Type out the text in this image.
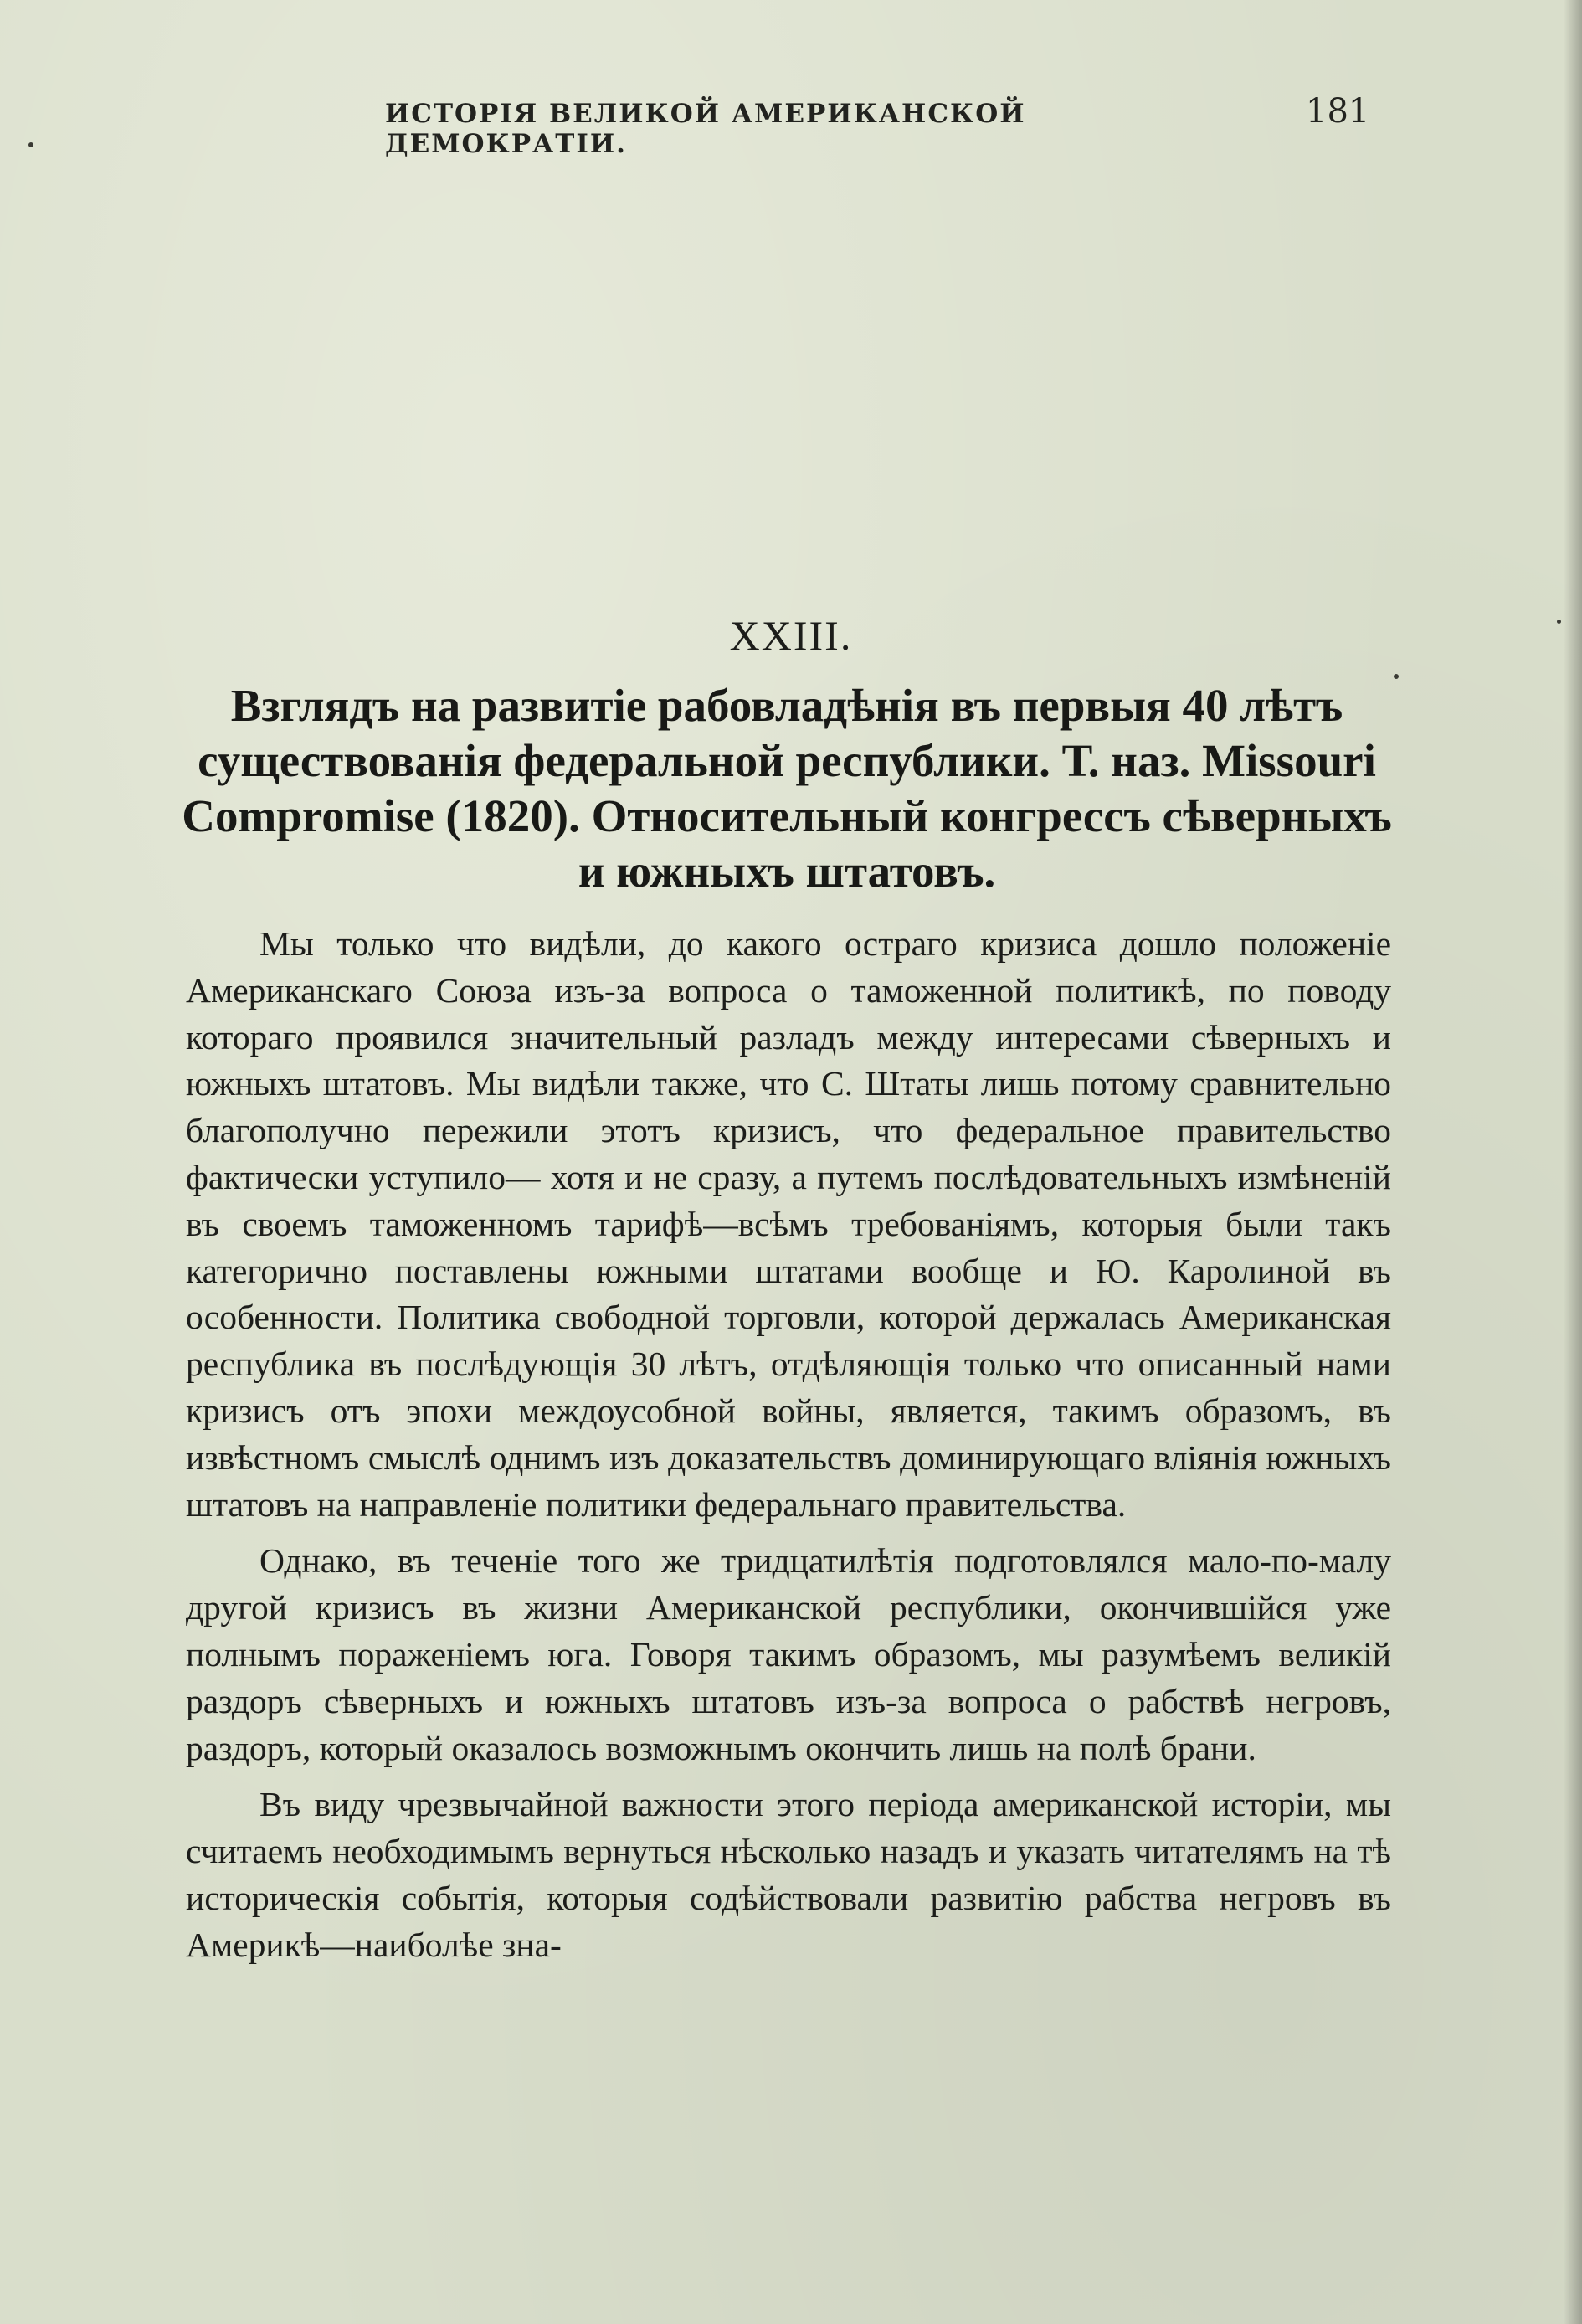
ИСТОРІЯ ВЕЛИКОЙ АМЕРИКАНСКОЙ ДЕМОКРАТІИ.
181
XXIII.
Взглядъ на развитіе рабовладѣнія въ первыя 40 лѣтъ существованія федеральной республики. Т. наз. Missouri Compromise (1820). Относительный конгрессъ сѣверныхъ и южныхъ штатовъ.

Мы только что видѣли, до какого остраго кризиса дошло положеніе Американскаго Союза изъ-за вопроса о таможенной политикѣ, по поводу котораго проявился значительный разладъ между интересами сѣверныхъ и южныхъ штатовъ. Мы видѣли также, что С. Штаты лишь потому сравнительно благополучно пережили этотъ кризисъ, что федеральное правительство фактически уступило— хотя и не сразу, а путемъ послѣдовательныхъ измѣненій въ своемъ таможенномъ тарифѣ—всѣмъ требованіямъ, которыя были такъ категорично поставлены южными штатами вообще и Ю. Каролиной въ особенности. Политика свободной торговли, которой держалась Американская республика въ послѣдующія 30 лѣтъ, отдѣляющія только что описанный нами кризисъ отъ эпохи междоусобной войны, является, такимъ образомъ, въ извѣстномъ смыслѣ однимъ изъ доказательствъ доминирующаго вліянія южныхъ штатовъ на направленіе политики федеральнаго правительства.

Однако, въ теченіе того же тридцатилѣтія подготовлялся мало-по-малу другой кризисъ въ жизни Американской республики, окончившійся уже полнымъ пораженіемъ юга. Говоря такимъ образомъ, мы разумѣемъ великій раздоръ сѣверныхъ и южныхъ штатовъ изъ-за вопроса о рабствѣ негровъ, раздоръ, который оказалось возможнымъ окончить лишь на полѣ брани.

Въ виду чрезвычайной важности этого періода американской исторіи, мы считаемъ необходимымъ вернуться нѣсколько назадъ и указать читателямъ на тѣ историческія событія, которыя содѣйствовали развитію рабства негровъ въ Америкѣ—наиболѣе зна-
